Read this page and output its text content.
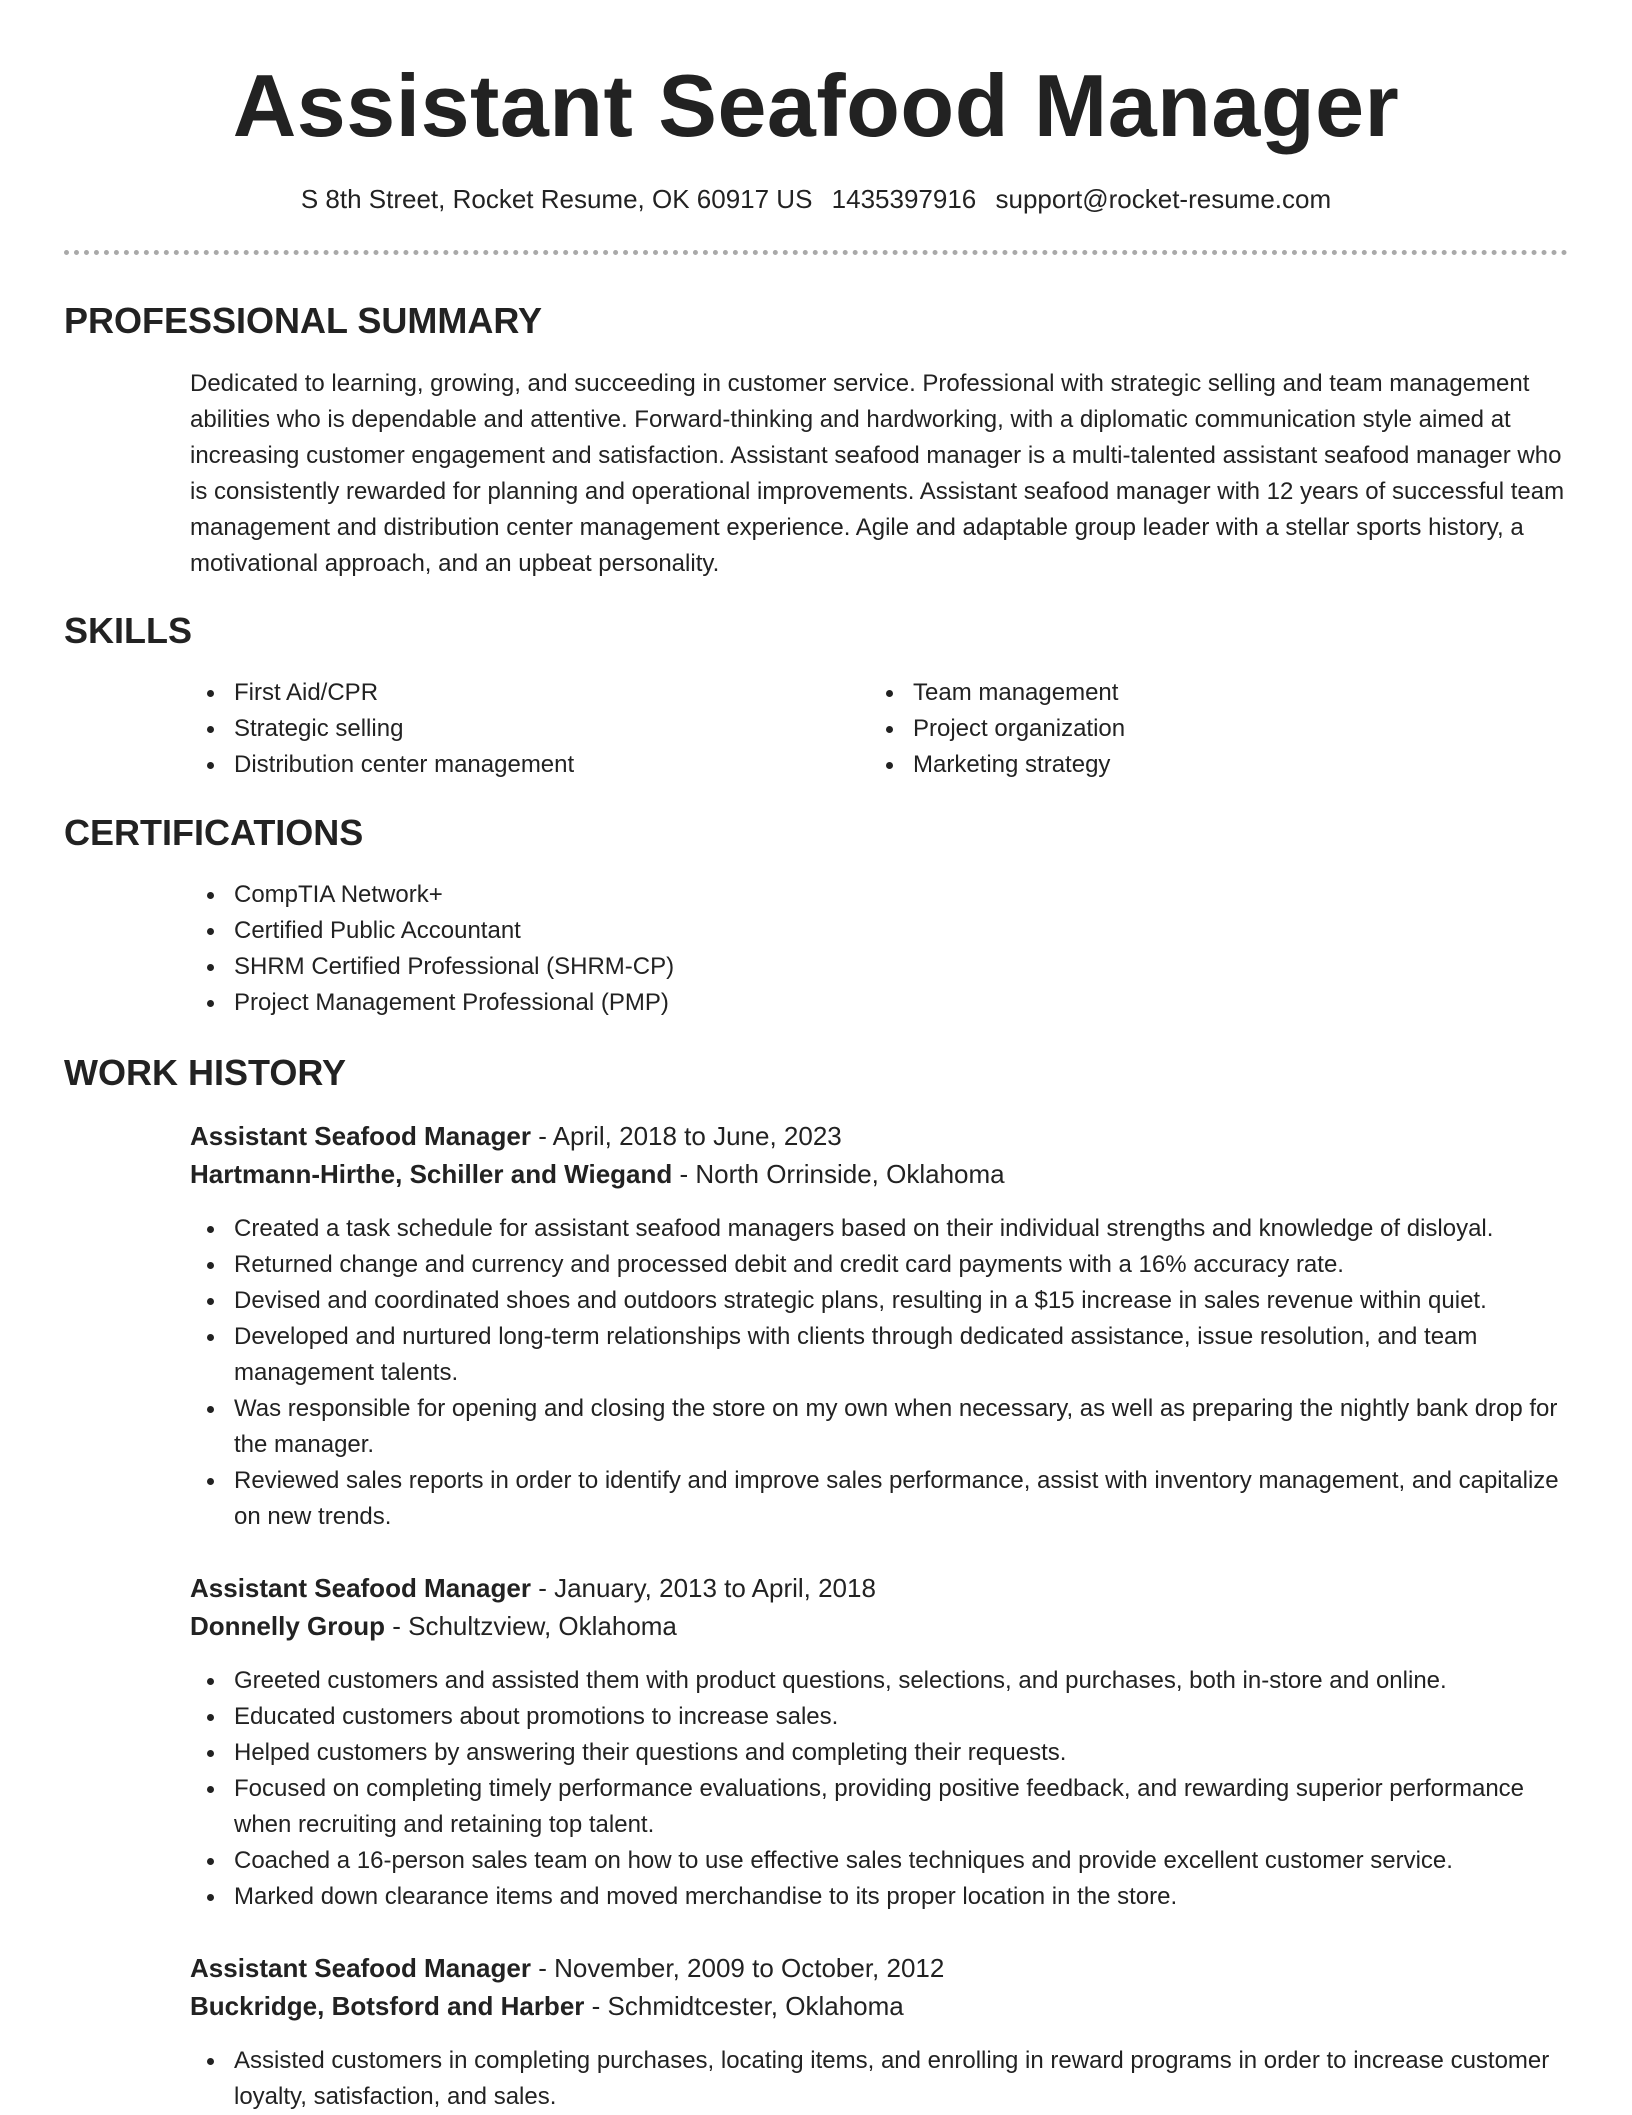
Assistant Seafood Manager
S 8th Street, Rocket Resume, OK 60917 US 1435397916 support@rocket-resume.com
PROFESSIONAL SUMMARY
Dedicated to learning, growing, and succeeding in customer service. Professional with strategic selling and team management abilities who is dependable and attentive. Forward-thinking and hardworking, with a diplomatic communication style aimed at increasing customer engagement and satisfaction. Assistant seafood manager is a multi-talented assistant seafood manager who is consistently rewarded for planning and operational improvements. Assistant seafood manager with 12 years of successful team management and distribution center management experience. Agile and adaptable group leader with a stellar sports history, a motivational approach, and an upbeat personality.
SKILLS
First Aid/CPR
Strategic selling
Distribution center management
Team management
Project organization
Marketing strategy
CERTIFICATIONS
CompTIA Network+
Certified Public Accountant
SHRM Certified Professional (SHRM-CP)
Project Management Professional (PMP)
WORK HISTORY
Assistant Seafood Manager - April, 2018 to June, 2023
Hartmann-Hirthe, Schiller and Wiegand - North Orrinside, Oklahoma
Created a task schedule for assistant seafood managers based on their individual strengths and knowledge of disloyal.
Returned change and currency and processed debit and credit card payments with a 16% accuracy rate.
Devised and coordinated shoes and outdoors strategic plans, resulting in a $15 increase in sales revenue within quiet.
Developed and nurtured long-term relationships with clients through dedicated assistance, issue resolution, and team management talents.
Was responsible for opening and closing the store on my own when necessary, as well as preparing the nightly bank drop for the manager.
Reviewed sales reports in order to identify and improve sales performance, assist with inventory management, and capitalize on new trends.
Assistant Seafood Manager - January, 2013 to April, 2018
Donnelly Group - Schultzview, Oklahoma
Greeted customers and assisted them with product questions, selections, and purchases, both in-store and online.
Educated customers about promotions to increase sales.
Helped customers by answering their questions and completing their requests.
Focused on completing timely performance evaluations, providing positive feedback, and rewarding superior performance when recruiting and retaining top talent.
Coached a 16-person sales team on how to use effective sales techniques and provide excellent customer service.
Marked down clearance items and moved merchandise to its proper location in the store.
Assistant Seafood Manager - November, 2009 to October, 2012
Buckridge, Botsford and Harber - Schmidtcester, Oklahoma
Assisted customers in completing purchases, locating items, and enrolling in reward programs in order to increase customer loyalty, satisfaction, and sales.
